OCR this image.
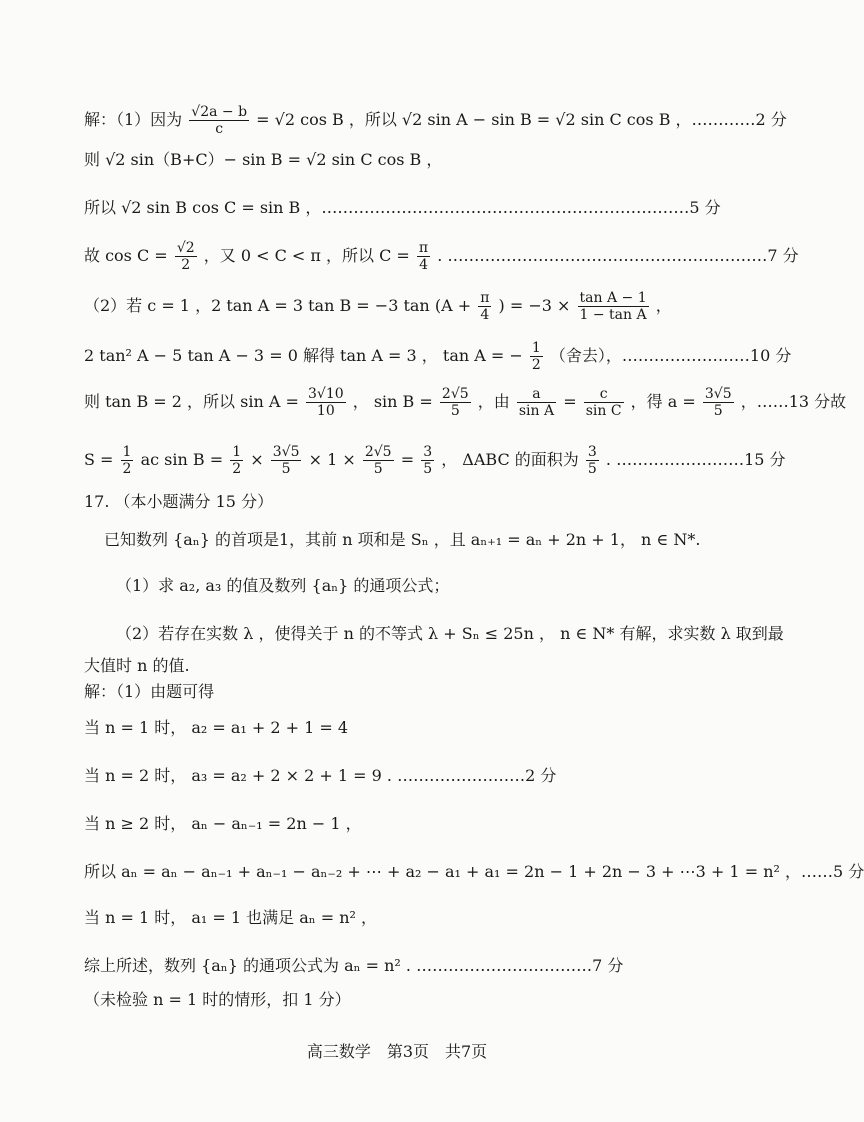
解：（1）因为 $\frac{√2a - b}{c} = √2$ cos B ，所以 √2 sin A − sin B = √2 sin C cos B ，…………2 分
则 √2 sin（B+C）− sin B = √2 sin C cos B ，
所以 √2 sin B cos C = sin B ，……………………………………………………………5 分
故 $\cos C = \frac{√2}{2}$ ，又 0 < C < π ，所以 $C = \frac{\pi}{4}$ . ……………………………………………………7 分
（2）若 c = 1 ，2 tan A = 3 tan B = −3 $\tan (A + \frac{\pi}{4}$ ) = $-3 \times \frac{\text{tan A − 1}}{\text{1 − tan A}}$ ，
2 tan² A − 5 tan A − 3 = 0 解得 tan A = 3 ， tan A = − $\frac{1}{2}$ （舍去），……………………10 分
则 tan B = 2 ，所以 $\sin A = \frac{3√10}{10}$ ， $\sin B = \frac{2√5}{5}$ ，由 $\frac{a}{\text{sin A}} = \frac{c}{\text{sin C}}$ ，得 $a = \frac{3√5}{5}$ ，……13 分故
$S = \frac{1}{2}$ ac $\sin B = \frac{1}{2} \times \frac{3√5}{5} \times 1 \times \frac{2√5}{5} = \frac{3}{5}$ ， ΔABC 的面积为 $\frac{3}{5}$ . ……………………15 分
17. （本小题满分 15 分）
已知数列 {aₙ} 的首项是1，其前 n 项和是 Sₙ ，且 aₙ₊₁ = aₙ + 2n + 1， n ∈ N*.
（1）求 a₂, a₃ 的值及数列 {aₙ} 的通项公式；
（2）若存在实数 λ ，使得关于 n 的不等式 λ + Sₙ ≤ 25n ， n ∈ N* 有解，求实数 λ 取到最
大值时 n 的值.
解：（1）由题可得
当 n = 1 时， a₂ = a₁ + 2 + 1 = 4
当 n = 2 时， a₃ = a₂ + 2 × 2 + 1 = 9 . ……………………2 分
当 n ≥ 2 时， aₙ − aₙ₋₁ = 2n − 1 ，
所以 aₙ = aₙ − aₙ₋₁ + aₙ₋₁ − aₙ₋₂ + ⋯ + a₂ − a₁ + a₁ = 2n − 1 + 2n − 3 + ⋯3 + 1 = n² ，……5 分
当 n = 1 时， a₁ = 1 也满足 aₙ = n² ，
综上所述，数列 {aₙ} 的通项公式为 aₙ = n² . ……………………………7 分
（未检验 n = 1 时的情形，扣 1 分）
高三数学　第3页　共7页
